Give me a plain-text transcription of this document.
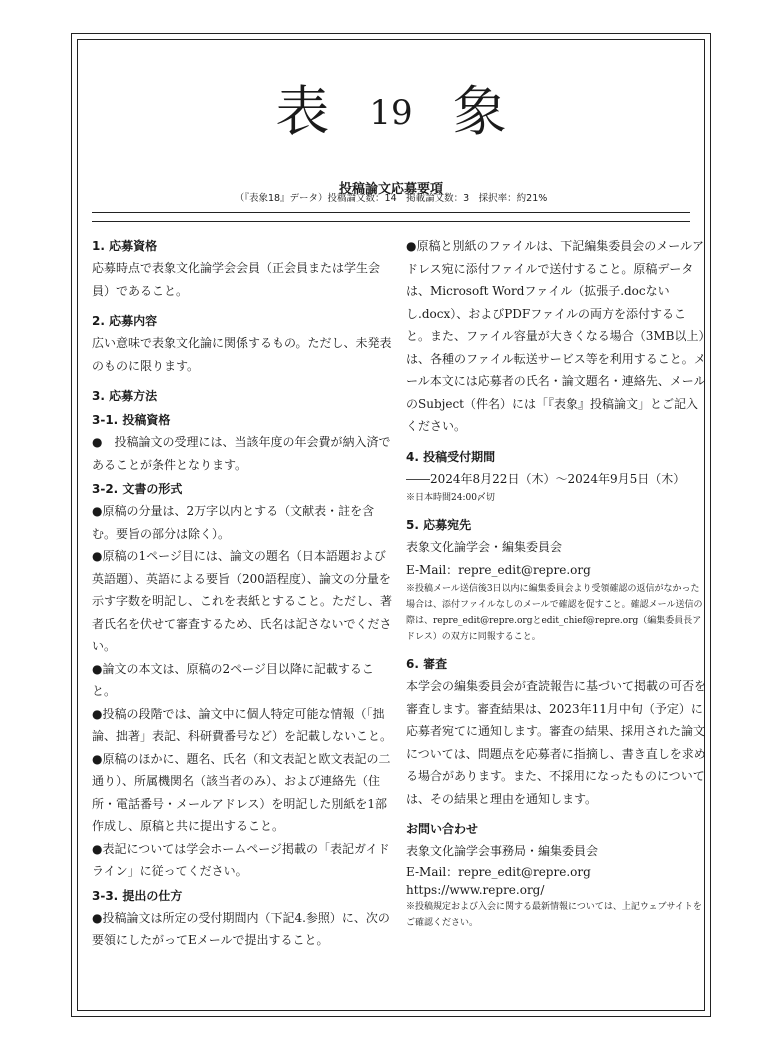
表 19 象
投稿論文応募要項
（『表象18』データ）投稿論文数：14　掲載論文数：3　採択率：約21%
1. 応募資格

応募時点で表象文化論学会会員（正会員または学生会員）であること。

2. 応募内容

広い意味で表象文化論に関係するもの。ただし、未発表のものに限ります。

3. 応募方法
3-1. 投稿資格

●　投稿論文の受理には、当該年度の年会費が納入済であることが条件となります。

3-2. 文書の形式

●原稿の分量は、2万字以内とする（文献表・註を含む。要旨の部分は除く）。

●原稿の1ページ目には、論文の題名（日本語題および英語題）、英語による要旨（200語程度）、論文の分量を示す字数を明記し、これを表紙とすること。ただし、著者氏名を伏せて審査するため、氏名は記さないでください。

●論文の本文は、原稿の2ページ目以降に記載すること。

●投稿の段階では、論文中に個人特定可能な情報（「拙論、拙著」表記、科研費番号など）を記載しないこと。

●原稿のほかに、題名、氏名（和文表記と欧文表記の二通り）、所属機関名（該当者のみ）、および連絡先（住所・電話番号・メールアドレス）を明記した別紙を1部作成し、原稿と共に提出すること。

●表記については学会ホームページ掲載の「表記ガイドライン」に従ってください。

3-3. 提出の仕方

●投稿論文は所定の受付期間内（下記4.参照）に、次の要領にしたがってEメールで提出すること。

●原稿と別紙のファイルは、下記編集委員会のメールアドレス宛に添付ファイルで送付すること。原稿データは、Microsoft Wordファイル（拡張子.docないし.docx）、およびPDFファイルの両方を添付すること。また、ファイル容量が大きくなる場合（3MB以上）は、各種のファイル転送サービス等を利用すること。メール本文には応募者の氏名・論文題名・連絡先、メールのSubject（件名）には「『表象』投稿論文」とご記入ください。

4. 投稿受付期間

――2024年8月22日（木）～2024年9月5日（木）

※日本時間24:00〆切

5. 応募宛先

表象文化論学会・編集委員会

E-Mail：repre_edit@repre.org

※投稿メール送信後3日以内に編集委員会より受領確認の返信がなかった場合は、添付ファイルなしのメールで確認を促すこと。確認メール送信の際は、repre_edit@repre.orgとedit_chief@repre.org（編集委員長アドレス）の双方に同報すること。

6. 審査

本学会の編集委員会が査読報告に基づいて掲載の可否を審査します。審査結果は、2023年11月中旬（予定）に応募者宛てに通知します。審査の結果、採用された論文については、問題点を応募者に指摘し、書き直しを求める場合があります。また、不採用になったものについては、その結果と理由を通知します。

お問い合わせ

表象文化論学会事務局・編集委員会

E-Mail：repre_edit@repre.org

https://www.repre.org/

※投稿規定および入会に関する最新情報については、上記ウェブサイトをご確認ください。
